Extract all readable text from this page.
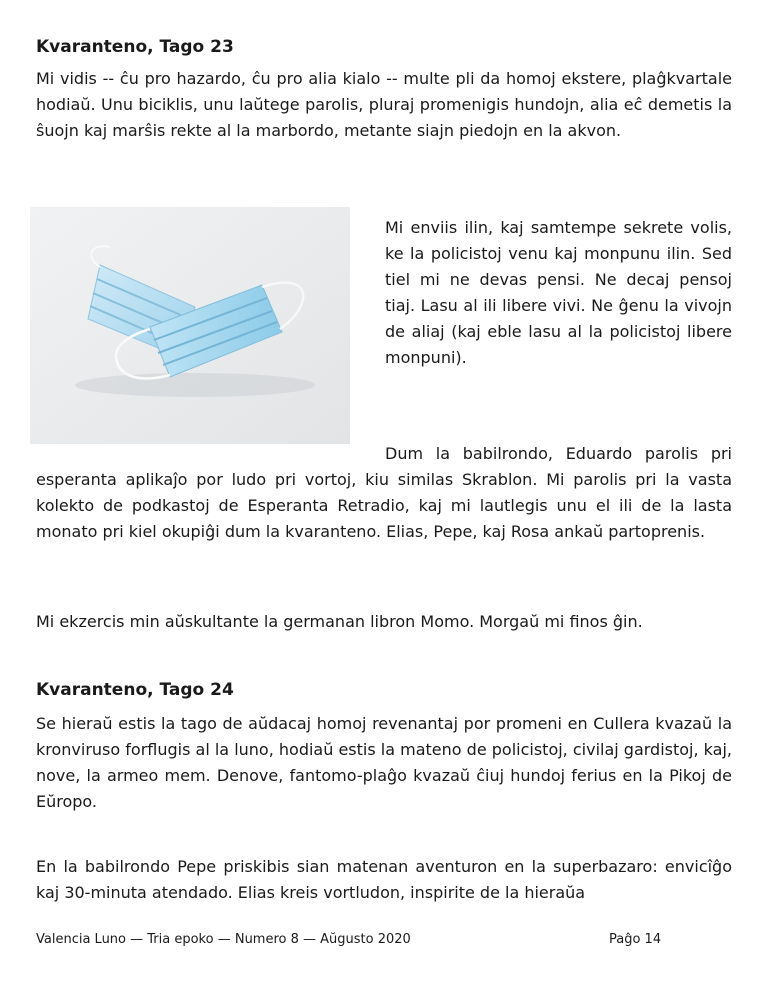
Kvaranteno, Tago 23

Mi vidis -- ĉu pro hazardo, ĉu pro alia kialo -- multe pli da homoj ekstere, plaĝkvartale hodiaŭ. Unu biciklis, unu laŭtege parolis, pluraj promenigis hundojn, alia eĉ demetis la ŝuojn kaj marŝis rekte al la marbordo, metante siajn piedojn en la akvon.

Mi enviis ilin, kaj samtempe sekrete volis, ke la policistoj venu kaj monpunu ilin. Sed tiel mi ne devas pensi. Ne decaj pensoj tiaj. Lasu al ili libere vivi. Ne ĝenu la vivojn de aliaj (kaj eble lasu al la policistoj libere monpuni).

Dum la babilrondo, Eduardo parolis pri esperanta aplikaĵo por ludo pri vortoj, kiu similas Skrablon. Mi parolis pri la vasta kolekto de podkastoj de Esperanta Retradio, kaj mi lautlegis unu el ili de la lasta monato pri kiel okupiĝi dum la kvaranteno. Elias, Pepe, kaj Rosa ankaŭ partoprenis.

Mi ekzercis min aŭskultante la germanan libron Momo. Morgaŭ mi finos ĝin.

Kvaranteno, Tago 24

Se hieraŭ estis la tago de aŭdacaj homoj revenantaj por promeni en Cullera kvazaŭ la kronviruso forflugis al la luno, hodiaŭ estis la mateno de policistoj, civilaj gardistoj, kaj, nove, la armeo mem. Denove, fantomo-plaĝo kvazaŭ ĉiuj hundoj ferius en la Pikoj de Eŭropo.

En la babilrondo Pepe priskibis sian matenan aventuron en la superbazaro: envicîĝo kaj 30-minuta atendado. Elias kreis vortludon, inspirite de la hieraŭa

Valencia Luno — Tria epoko — Numero 8 — Aŭgusto 2020	Paĝo 14
